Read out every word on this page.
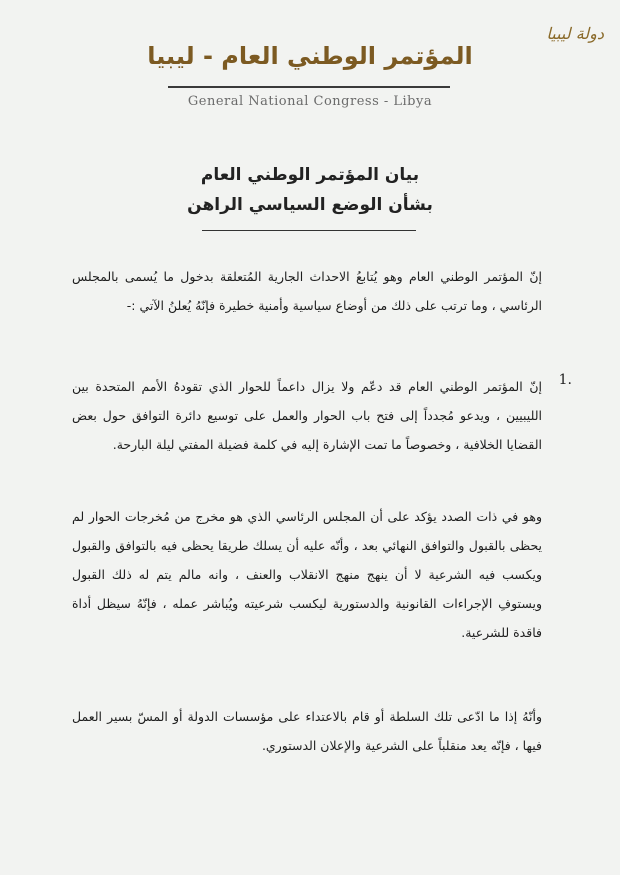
دولة ليبيا
المؤتمر الوطني العام - ليبيا
General National Congress - Libya
بيان المؤتمر الوطني العام
بشأن الوضع السياسي الراهن
إنّ المؤتمر الوطني العام وهو يُتابعُ الاحداث الجارية المُتعلقة بدخول ما يُسمى بالمجلس الرئاسي ، وما ترتب على ذلك من أوضاع سياسية وأمنية خطيرة فإنّهُ يُعلنُ الآتي :-
1.
إنّ المؤتمر الوطني العام قد دعّم ولا يزال داعماً للحوار الذي تقودهُ الأمم المتحدة بين الليبيين ، ويدعو مُجدداً إلى فتح باب الحوار والعمل على توسيع دائرة التوافق حول بعض القضايا الخلافية ، وخصوصاً ما تمت الإشارة إليه في كلمة فضيلة المفتي ليلة البارحة.
وهو في ذات الصدد يؤكد على أن المجلس الرئاسي الذي هو مخرج من مُخرجات الحوار لم يحظى بالقبول والتوافق النهائي بعد ، وأنّه عليه أن يسلك طريقا يحظى فيه بالتوافق والقبول ويكسب فيه الشرعية لا أن ينهج منهج الانقلاب والعنف ، وانه مالم يتم له ذلك القبول ويستوفِ الإجراءات القانونية والدستورية ليكسب شرعيته ويُباشر عمله ، فإنّهُ سيظل أداة فاقدة للشرعية.
وأنّهُ إذا ما ادّعى تلك السلطة أو قام بالاعتداء على مؤسسات الدولة أو المسّ بسير العمل فيها ، فإنّه يعد منقلباً على الشرعية والإعلان الدستوري.
